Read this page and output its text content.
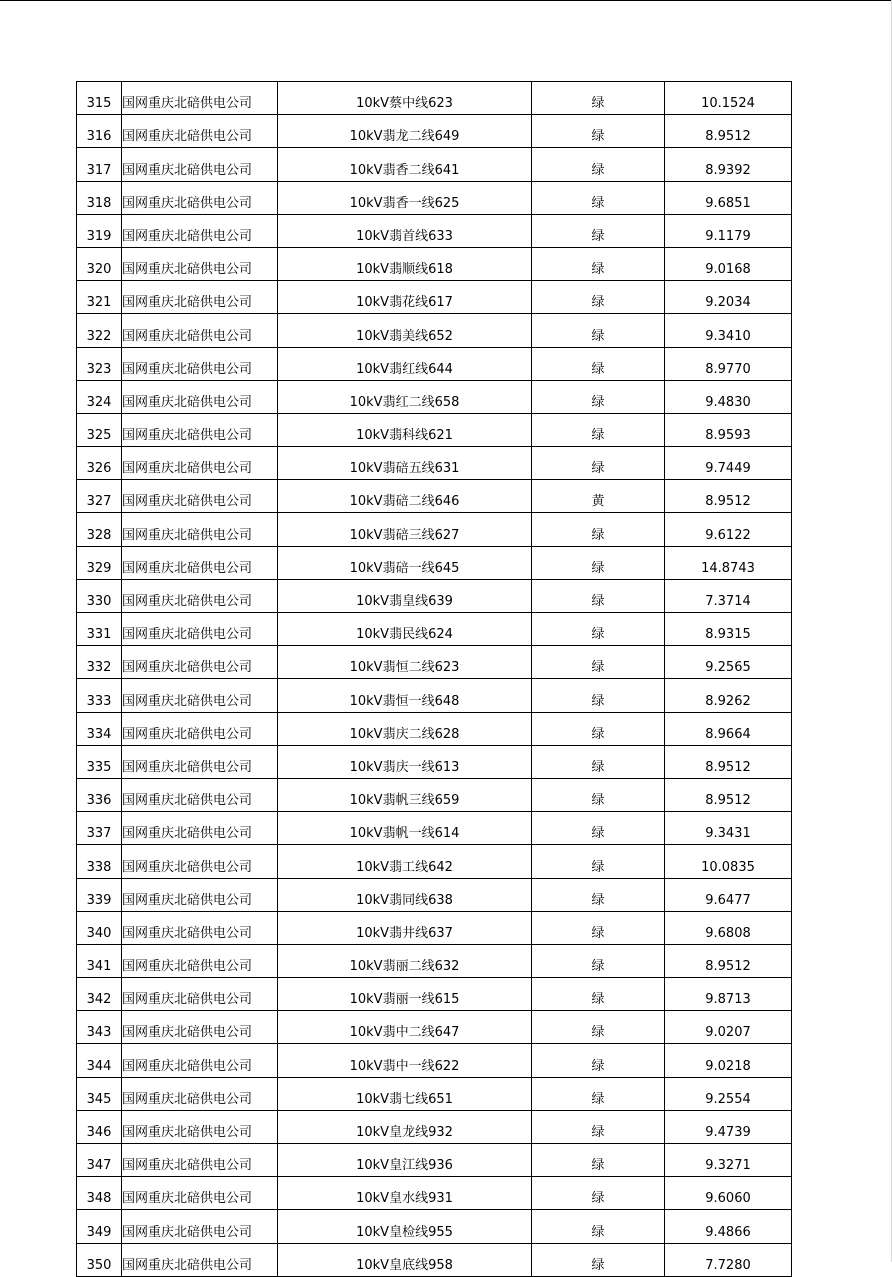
315	国网重庆北碚供电公司	10kV蔡中线623	绿	10.1524
316	国网重庆北碚供电公司	10kV翡龙二线649	绿	8.9512
317	国网重庆北碚供电公司	10kV翡香二线641	绿	8.9392
318	国网重庆北碚供电公司	10kV翡香一线625	绿	9.6851
319	国网重庆北碚供电公司	10kV翡首线633	绿	9.1179
320	国网重庆北碚供电公司	10kV翡顺线618	绿	9.0168
321	国网重庆北碚供电公司	10kV翡花线617	绿	9.2034
322	国网重庆北碚供电公司	10kV翡美线652	绿	9.3410
323	国网重庆北碚供电公司	10kV翡红线644	绿	8.9770
324	国网重庆北碚供电公司	10kV翡红二线658	绿	9.4830
325	国网重庆北碚供电公司	10kV翡科线621	绿	8.9593
326	国网重庆北碚供电公司	10kV翡碚五线631	绿	9.7449
327	国网重庆北碚供电公司	10kV翡碚二线646	黄	8.9512
328	国网重庆北碚供电公司	10kV翡碚三线627	绿	9.6122
329	国网重庆北碚供电公司	10kV翡碚一线645	绿	14.8743
330	国网重庆北碚供电公司	10kV翡皇线639	绿	7.3714
331	国网重庆北碚供电公司	10kV翡民线624	绿	8.9315
332	国网重庆北碚供电公司	10kV翡恒二线623	绿	9.2565
333	国网重庆北碚供电公司	10kV翡恒一线648	绿	8.9262
334	国网重庆北碚供电公司	10kV翡庆二线628	绿	8.9664
335	国网重庆北碚供电公司	10kV翡庆一线613	绿	8.9512
336	国网重庆北碚供电公司	10kV翡帆三线659	绿	8.9512
337	国网重庆北碚供电公司	10kV翡帆一线614	绿	9.3431
338	国网重庆北碚供电公司	10kV翡工线642	绿	10.0835
339	国网重庆北碚供电公司	10kV翡同线638	绿	9.6477
340	国网重庆北碚供电公司	10kV翡井线637	绿	9.6808
341	国网重庆北碚供电公司	10kV翡丽二线632	绿	8.9512
342	国网重庆北碚供电公司	10kV翡丽一线615	绿	9.8713
343	国网重庆北碚供电公司	10kV翡中二线647	绿	9.0207
344	国网重庆北碚供电公司	10kV翡中一线622	绿	9.0218
345	国网重庆北碚供电公司	10kV翡七线651	绿	9.2554
346	国网重庆北碚供电公司	10kV皇龙线932	绿	9.4739
347	国网重庆北碚供电公司	10kV皇江线936	绿	9.3271
348	国网重庆北碚供电公司	10kV皇水线931	绿	9.6060
349	国网重庆北碚供电公司	10kV皇检线955	绿	9.4866
350	国网重庆北碚供电公司	10kV皇底线958	绿	7.7280
